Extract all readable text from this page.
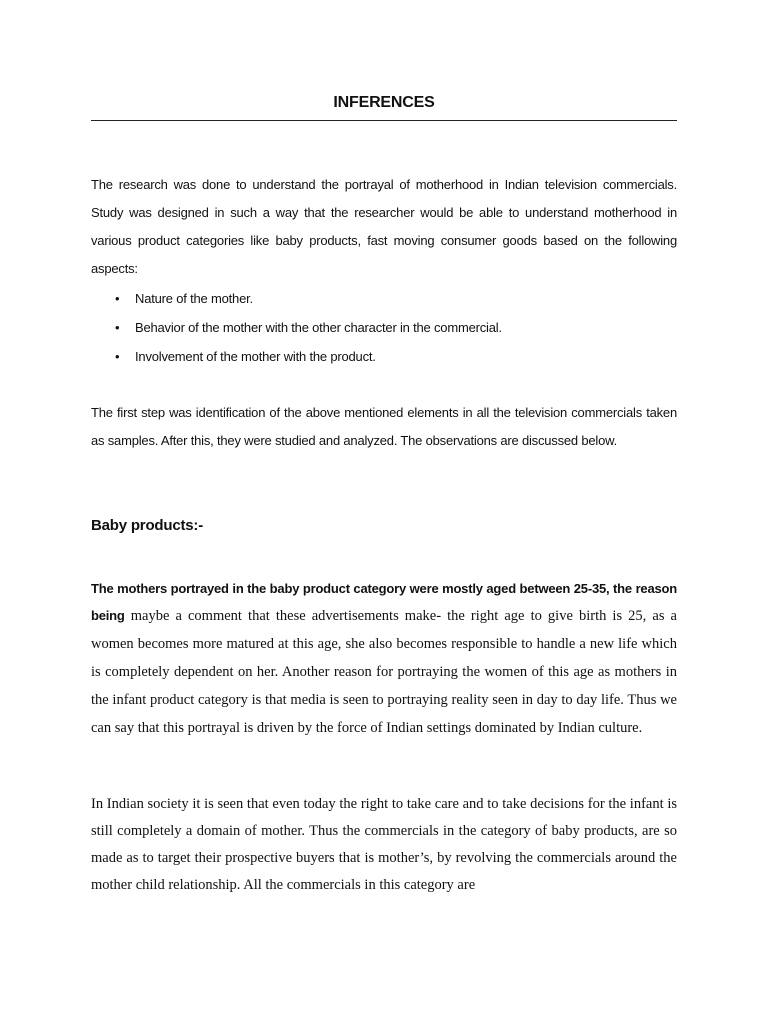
INFERENCES

The research was done to understand the portrayal of motherhood in Indian television commercials. Study was designed in such a way that the researcher would be able to understand motherhood in various product categories like baby products, fast moving consumer goods based on the following aspects:

• Nature of the mother.
• Behavior of the mother with the other character in the commercial.
• Involvement of the mother with the product.

The first step was identification of the above mentioned elements in all the television commercials taken as samples. After this, they were studied and analyzed. The observations are discussed below.

Baby products:-

The mothers portrayed in the baby product category were mostly aged between 25-35, the reason being maybe a comment that these advertisements make- the right age to give birth is 25, as a women becomes more matured at this age, she also becomes responsible to handle a new life which is completely dependent on her. Another reason for portraying the women of this age as mothers in the infant product category is that media is seen to portraying reality seen in day to day life. Thus we can say that this portrayal is driven by the force of Indian settings dominated by Indian culture.

In Indian society it is seen that even today the right to take care and to take decisions for the infant is still completely a domain of mother. Thus the commercials in the category of baby products, are so made as to target their prospective buyers that is mother’s, by revolving the commercials around the mother child relationship. All the commercials in this category are
